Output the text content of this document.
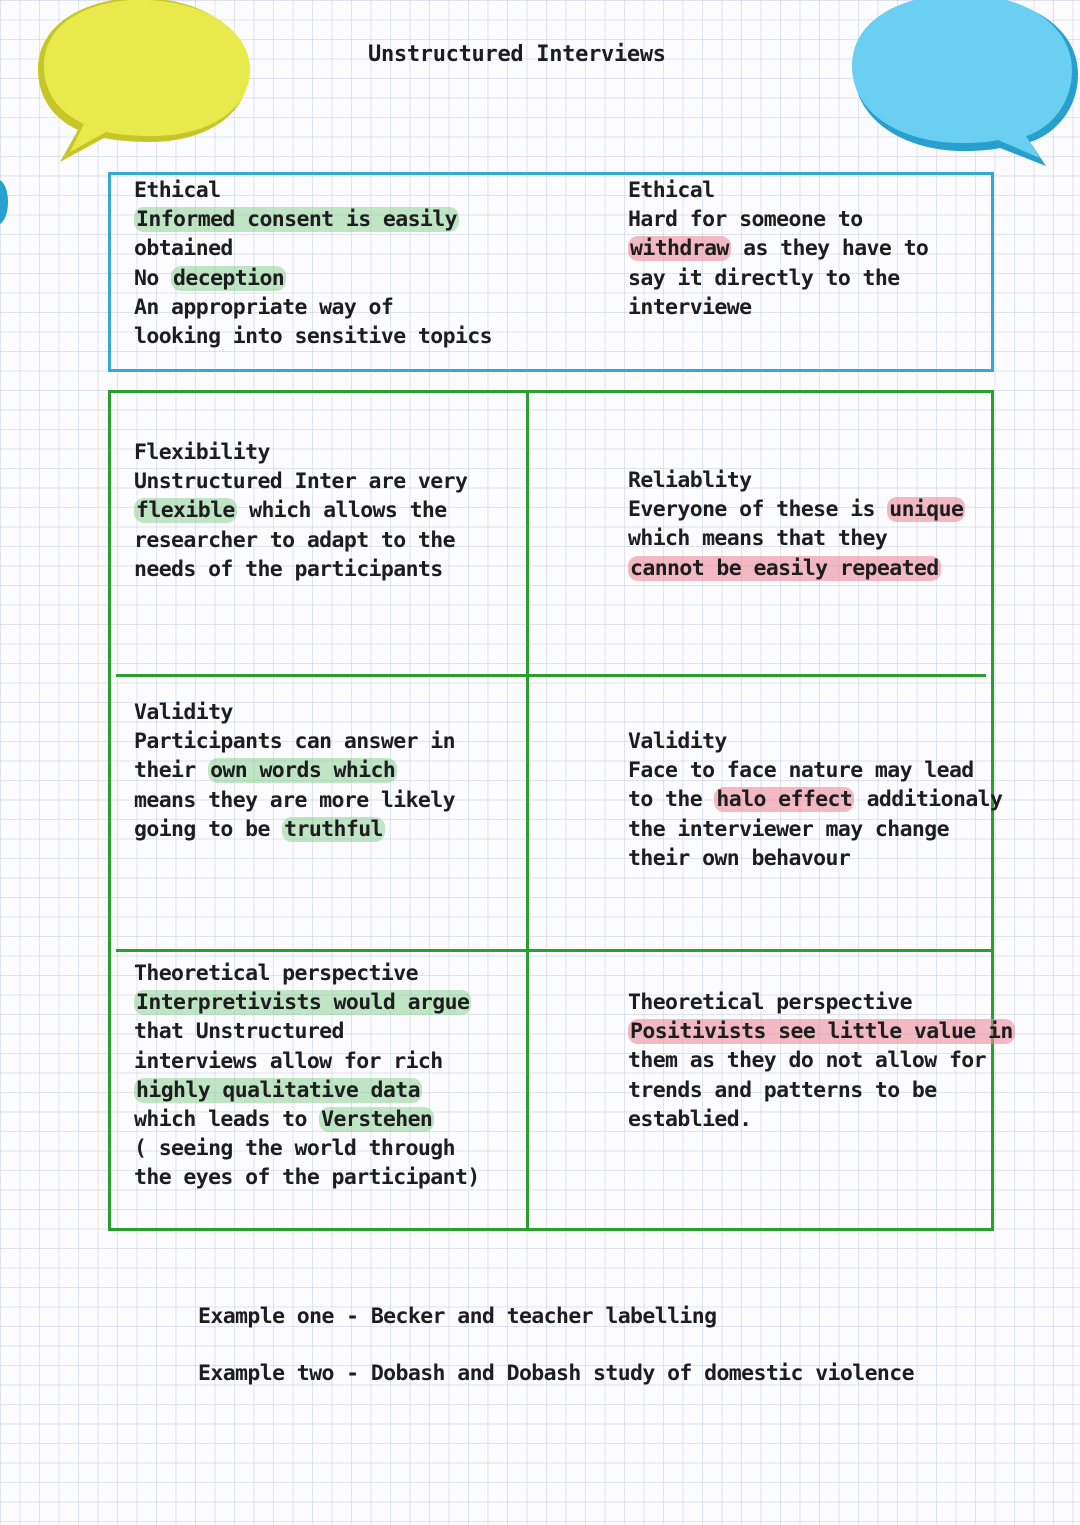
Unstructured Interviews
Ethical
Informed consent is easily
obtained
No deception
An appropriate way of
looking into sensitive topics
Ethical
Hard for someone to
withdraw as they have to
say it directly to the
interviewe
Flexibility
Unstructured Inter are very
flexible which allows the
researcher to adapt to the
needs of the participants
Reliablity
Everyone of these is unique
which means that they
cannot be easily repeated
Validity
Participants can answer in
their own words which
means they are more likely
going to be truthful
Validity
Face to face nature may lead
to the halo effect additionaly
the interviewer may change
their own behavour
Theoretical perspective
Interpretivists would argue
that Unstructured
interviews allow for rich
highly qualitative data
which leads to Verstehen
( seeing the world through
the eyes of the participant)
Theoretical perspective
Positivists see little value in
them as they do not allow for
trends and patterns to be
establied.
Example one - Becker and teacher labelling
Example two - Dobash and Dobash study of domestic violence
